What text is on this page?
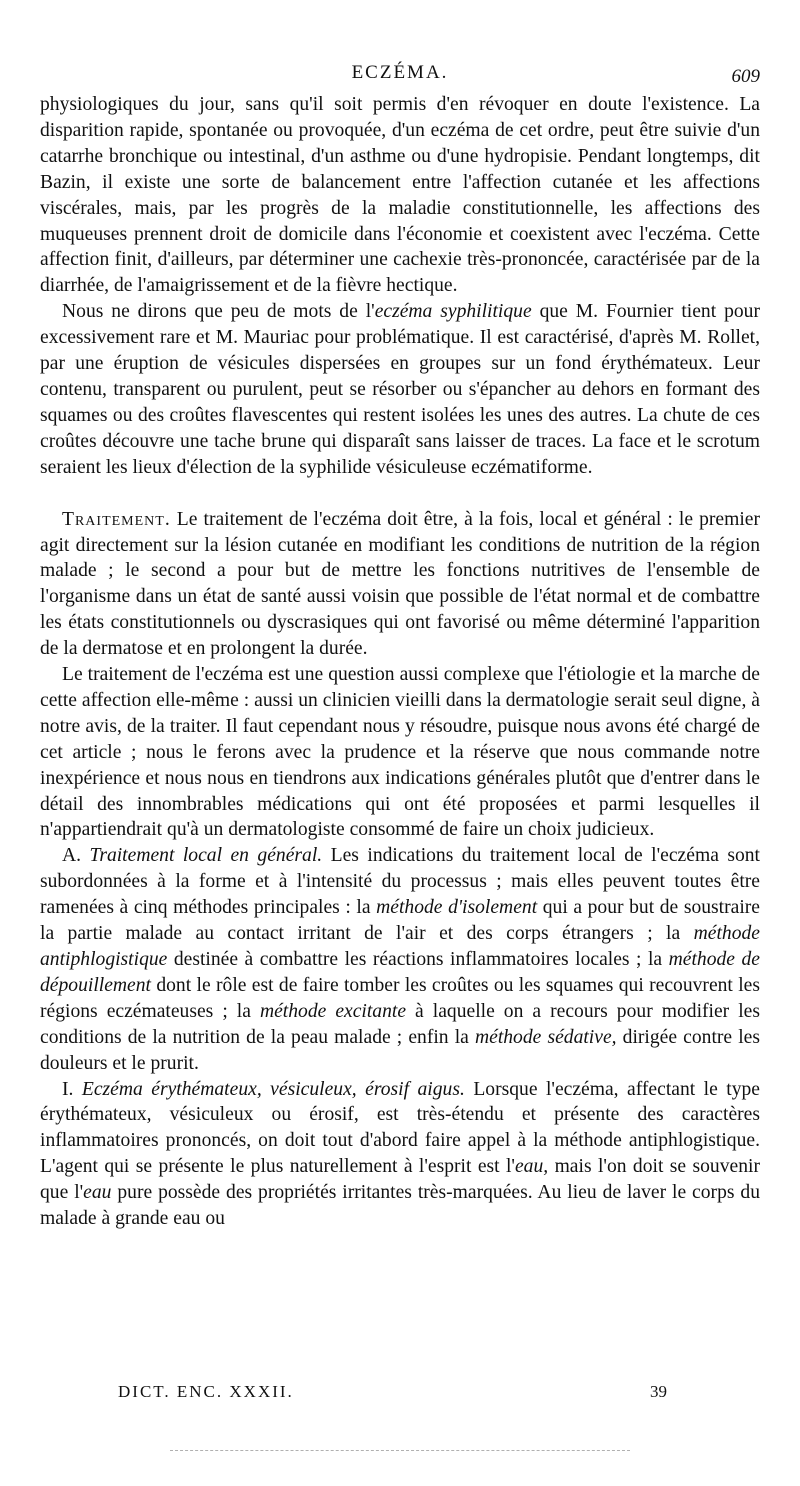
ECZÉMA.	609

physiologiques du jour, sans qu'il soit permis d'en révoquer en doute l'existence. La disparition rapide, spontanée ou provoquée, d'un eczéma de cet ordre, peut être suivie d'un catarrhe bronchique ou intestinal, d'un asthme ou d'une hydropisie. Pendant longtemps, dit Bazin, il existe une sorte de balancement entre l'affection cutanée et les affections viscérales, mais, par les progrès de la maladie constitutionnelle, les affections des muqueuses prennent droit de domicile dans l'économie et coexistent avec l'eczéma. Cette affection finit, d'ailleurs, par déterminer une cachexie très-prononcée, caractérisée par de la diarrhée, de l'amaigrissement et de la fièvre hectique.

Nous ne dirons que peu de mots de l'eczéma syphilitique que M. Fournier tient pour excessivement rare et M. Mauriac pour problématique. Il est caractérisé, d'après M. Rollet, par une éruption de vésicules dispersées en groupes sur un fond érythémateux. Leur contenu, transparent ou purulent, peut se résorber ou s'épancher au dehors en formant des squames ou des croûtes flavescentes qui restent isolées les unes des autres. La chute de ces croûtes découvre une tache brune qui disparaît sans laisser de traces. La face et le scrotum seraient les lieux d'élection de la syphilide vésiculeuse eczématiforme.

Traitement. Le traitement de l'eczéma doit être, à la fois, local et général : le premier agit directement sur la lésion cutanée en modifiant les conditions de nutrition de la région malade ; le second a pour but de mettre les fonctions nutritives de l'ensemble de l'organisme dans un état de santé aussi voisin que possible de l'état normal et de combattre les états constitutionnels ou dyscrasiques qui ont favorisé ou même déterminé l'apparition de la dermatose et en prolongent la durée.

Le traitement de l'eczéma est une question aussi complexe que l'étiologie et la marche de cette affection elle-même : aussi un clinicien vieilli dans la dermatologie serait seul digne, à notre avis, de la traiter. Il faut cependant nous y résoudre, puisque nous avons été chargé de cet article ; nous le ferons avec la prudence et la réserve que nous commande notre inexpérience et nous nous en tiendrons aux indications générales plutôt que d'entrer dans le détail des innombrables médications qui ont été proposées et parmi lesquelles il n'appartiendrait qu'à un dermatologiste consommé de faire un choix judicieux.

A. Traitement local en général. Les indications du traitement local de l'eczéma sont subordonnées à la forme et à l'intensité du processus ; mais elles peuvent toutes être ramenées à cinq méthodes principales : la méthode d'isolement qui a pour but de soustraire la partie malade au contact irritant de l'air et des corps étrangers ; la méthode antiphlogistique destinée à combattre les réactions inflammatoires locales ; la méthode de dépouillement dont le rôle est de faire tomber les croûtes ou les squames qui recouvrent les régions eczémateuses ; la méthode excitante à laquelle on a recours pour modifier les conditions de la nutrition de la peau malade ; enfin la méthode sédative, dirigée contre les douleurs et le prurit.

I. Eczéma érythémateux, vésiculeux, érosif aigus. Lorsque l'eczéma, affectant le type érythémateux, vésiculeux ou érosif, est très-étendu et présente des caractères inflammatoires prononcés, on doit tout d'abord faire appel à la méthode antiphlogistique. L'agent qui se présente le plus naturellement à l'esprit est l'eau, mais l'on doit se souvenir que l'eau pure possède des propriétés irritantes très-marquées. Au lieu de laver le corps du malade à grande eau ou

DICT. ENC. XXXII.	39
